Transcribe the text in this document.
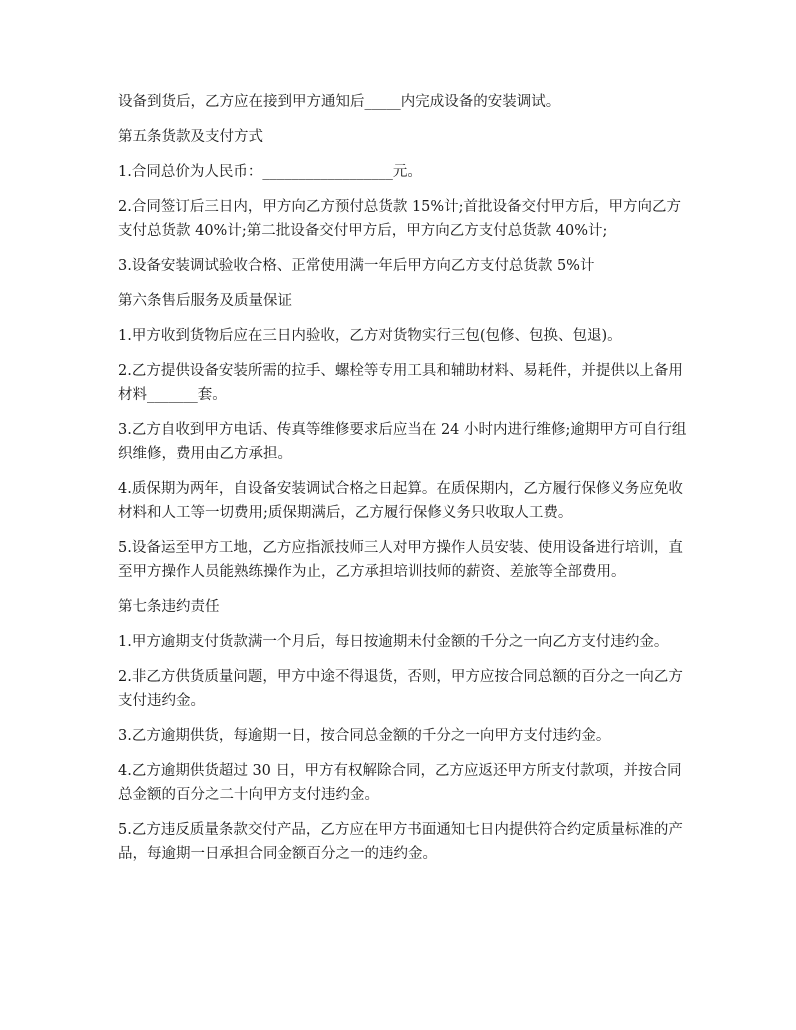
设备到货后，乙方应在接到甲方通知后_____内完成设备的安装调试。

第五条货款及支付方式

1.合同总价为人民币：__________________元。

2.合同签订后三日内，甲方向乙方预付总货款 15%计;首批设备交付甲方后，甲方向乙方支付总货款 40%计;第二批设备交付甲方后，甲方向乙方支付总货款 40%计;

3.设备安装调试验收合格、正常使用满一年后甲方向乙方支付总货款 5%计

第六条售后服务及质量保证

1.甲方收到货物后应在三日内验收，乙方对货物实行三包(包修、包换、包退)。

2.乙方提供设备安装所需的拉手、螺栓等专用工具和辅助材料、易耗件，并提供以上备用材料_______套。

3.乙方自收到甲方电话、传真等维修要求后应当在 24 小时内进行维修;逾期甲方可自行组织维修，费用由乙方承担。

4.质保期为两年，自设备安装调试合格之日起算。在质保期内，乙方履行保修义务应免收材料和人工等一切费用;质保期满后，乙方履行保修义务只收取人工费。

5.设备运至甲方工地，乙方应指派技师三人对甲方操作人员安装、使用设备进行培训，直至甲方操作人员能熟练操作为止，乙方承担培训技师的薪资、差旅等全部费用。

第七条违约责任

1.甲方逾期支付货款满一个月后，每日按逾期未付金额的千分之一向乙方支付违约金。

2.非乙方供货质量问题，甲方中途不得退货，否则，甲方应按合同总额的百分之一向乙方支付违约金。

3.乙方逾期供货，每逾期一日，按合同总金额的千分之一向甲方支付违约金。

4.乙方逾期供货超过 30 日，甲方有权解除合同，乙方应返还甲方所支付款项，并按合同总金额的百分之二十向甲方支付违约金。

5.乙方违反质量条款交付产品，乙方应在甲方书面通知七日内提供符合约定质量标准的产品，每逾期一日承担合同金额百分之一的违约金。
